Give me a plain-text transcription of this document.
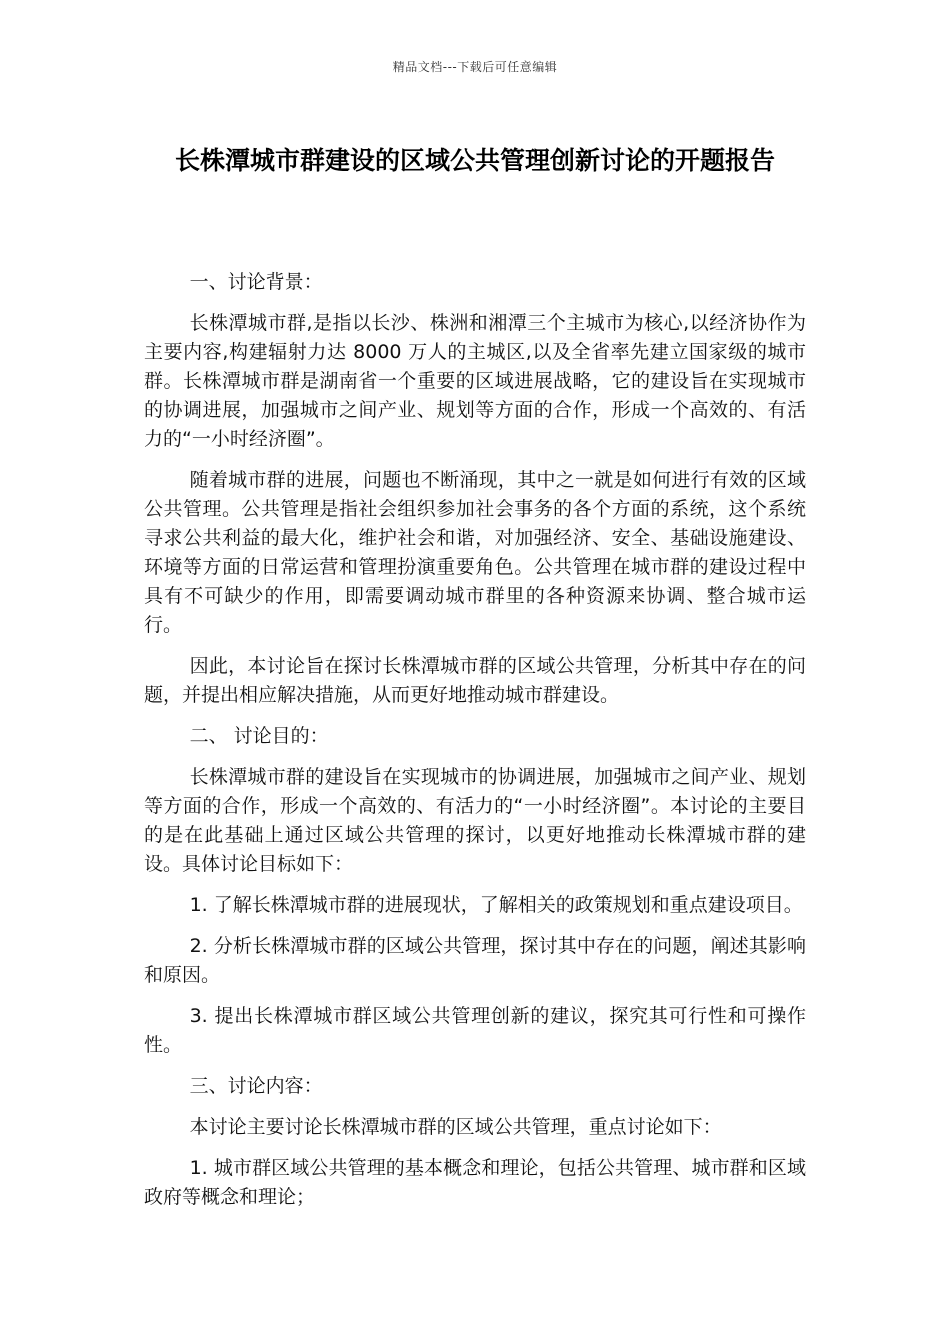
精品文档---下载后可任意编辑
长株潭城市群建设的区域公共管理创新讨论的开题报告

一、讨论背景：

长株潭城市群,是指以长沙、株洲和湘潭三个主城市为核心,以经济协作为主要内容,构建辐射力达 8000 万人的主城区,以及全省率先建立国家级的城市群。长株潭城市群是湖南省一个重要的区域进展战略，它的建设旨在实现城市的协调进展，加强城市之间产业、规划等方面的合作，形成一个高效的、有活力的“一小时经济圈”。

随着城市群的进展，问题也不断涌现，其中之一就是如何进行有效的区域公共管理。公共管理是指社会组织参加社会事务的各个方面的系统，这个系统寻求公共利益的最大化，维护社会和谐，对加强经济、安全、基础设施建设、环境等方面的日常运营和管理扮演重要角色。公共管理在城市群的建设过程中具有不可缺少的作用，即需要调动城市群里的各种资源来协调、整合城市运行。

因此，本讨论旨在探讨长株潭城市群的区域公共管理，分析其中存在的问题，并提出相应解决措施，从而更好地推动城市群建设。

二、 讨论目的：

长株潭城市群的建设旨在实现城市的协调进展，加强城市之间产业、规划等方面的合作，形成一个高效的、有活力的“一小时经济圈”。本讨论的主要目的是在此基础上通过区域公共管理的探讨，以更好地推动长株潭城市群的建设。具体讨论目标如下：

1. 了解长株潭城市群的进展现状，了解相关的政策规划和重点建设项目。

2. 分析长株潭城市群的区域公共管理，探讨其中存在的问题，阐述其影响和原因。

3. 提出长株潭城市群区域公共管理创新的建议，探究其可行性和可操作性。

三、讨论内容：

本讨论主要讨论长株潭城市群的区域公共管理，重点讨论如下：

1. 城市群区域公共管理的基本概念和理论，包括公共管理、城市群和区域政府等概念和理论；
